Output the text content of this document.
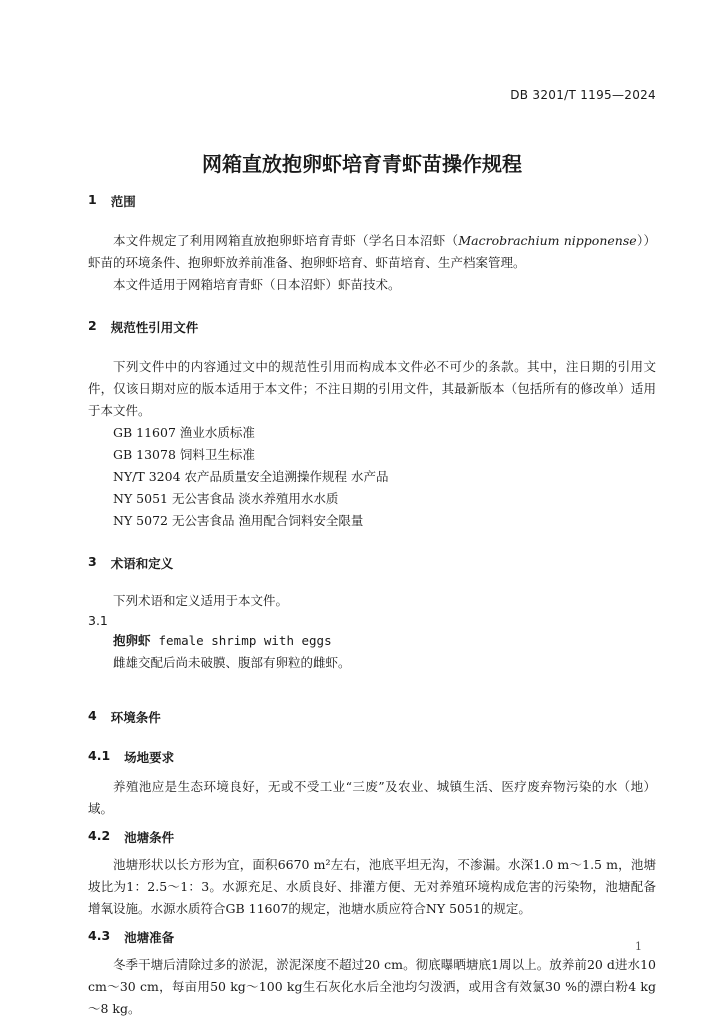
DB 3201/T 1195—2024
网箱直放抱卵虾培育青虾苗操作规程
1 范围

本文件规定了利用网箱直放抱卵虾培育青虾（学名日本沼虾（Macrobrachium nipponense））虾苗的环境条件、抱卵虾放养前准备、抱卵虾培育、虾苗培育、生产档案管理。

本文件适用于网箱培育青虾（日本沼虾）虾苗技术。

2 规范性引用文件

下列文件中的内容通过文中的规范性引用而构成本文件必不可少的条款。其中，注日期的引用文件，仅该日期对应的版本适用于本文件；不注日期的引用文件，其最新版本（包括所有的修改单）适用于本文件。

GB 11607 渔业水质标准
GB 13078 饲料卫生标准
NY/T 3204 农产品质量安全追溯操作规程 水产品
NY 5051 无公害食品 淡水养殖用水水质
NY 5072 无公害食品 渔用配合饲料安全限量
3 术语和定义

下列术语和定义适用于本文件。

3.1
抱卵虾 female shrimp with eggs

雌雄交配后尚未破膜、腹部有卵粒的雌虾。

4 环境条件
4.1 场地要求

养殖池应是生态环境良好，无或不受工业“三废”及农业、城镇生活、医疗废弃物污染的水（地）域。

4.2 池塘条件

池塘形状以长方形为宜，面积6670 m²左右，池底平坦无沟，不渗漏。水深1.0 m～1.5 m，池塘坡比为1：2.5～1：3。水源充足、水质良好、排灌方便、无对养殖环境构成危害的污染物，池塘配备增氧设施。水源水质符合GB 11607的规定，池塘水质应符合NY 5051的规定。

4.3 池塘准备

冬季干塘后清除过多的淤泥，淤泥深度不超过20 cm。彻底曝晒塘底1周以上。放养前20 d进水10 cm～30 cm，每亩用50 kg～100 kg生石灰化水后全池均匀泼洒，或用含有效氯30 %的漂白粉4 kg～8 kg。

1
